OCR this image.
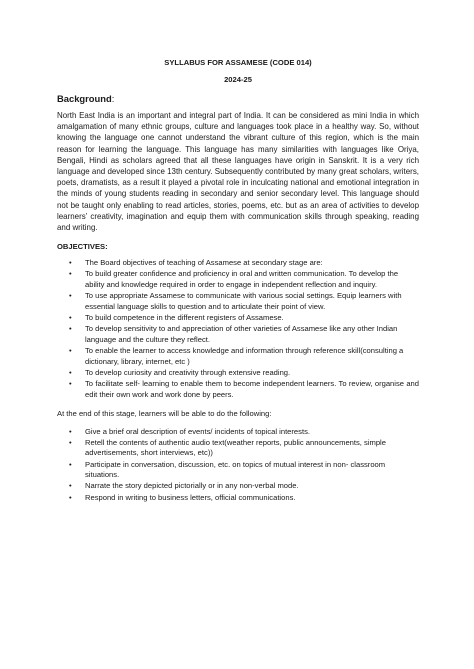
SYLLABUS FOR ASSAMESE (CODE 014)

2024-25

Background:

North East India is an important and integral part of India. It can be considered as mini India in which amalgamation of many ethnic groups, culture and languages took place in a healthy way. So, without knowing the language one cannot understand the vibrant culture of this region, which is the main reason for learning the language. This language has many similarities with languages like Oriya, Bengali, Hindi as scholars agreed that all these languages have origin in Sanskrit. It is a very rich language and developed since 13th century. Subsequently contributed by many great scholars, writers, poets, dramatists, as a result it played a pivotal role in inculcating national and emotional integration in the minds of young students reading in secondary and senior secondary level. This language should not be taught only enabling to read articles, stories, poems, etc. but as an area of activities to develop learners’ creativity, imagination and equip them with communication skills through speaking, reading and writing.

OBJECTIVES:

• The Board objectives of teaching of Assamese at secondary stage are:
• To build greater confidence and proficiency in oral and written communication. To develop the ability and knowledge required in order to engage in independent reflection and inquiry.
• To use appropriate Assamese to communicate with various social settings. Equip learners with essential language skills to question and to articulate their point of view.
• To build competence in the different registers of Assamese.
• To develop sensitivity to and appreciation of other varieties of Assamese like any other Indian language and the culture they reflect.
• To enable the learner to access knowledge and information through reference skill(consulting a dictionary, library, internet, etc )
• To develop curiosity and creativity through extensive reading.
• To facilitate self- learning to enable them to become independent learners. To review, organise and edit their own work and work done by peers.

At the end of this stage, learners will be able to do the following:

• Give a brief oral description of events/ incidents of topical interests.
• Retell the contents of authentic audio text(weather reports, public announcements, simple advertisements, short interviews, etc))
• Participate in conversation, discussion, etc. on topics of mutual interest in non- classroom situations.
• Narrate the story depicted pictorially or in any non-verbal mode.
• Respond in writing to business letters, official communications.
